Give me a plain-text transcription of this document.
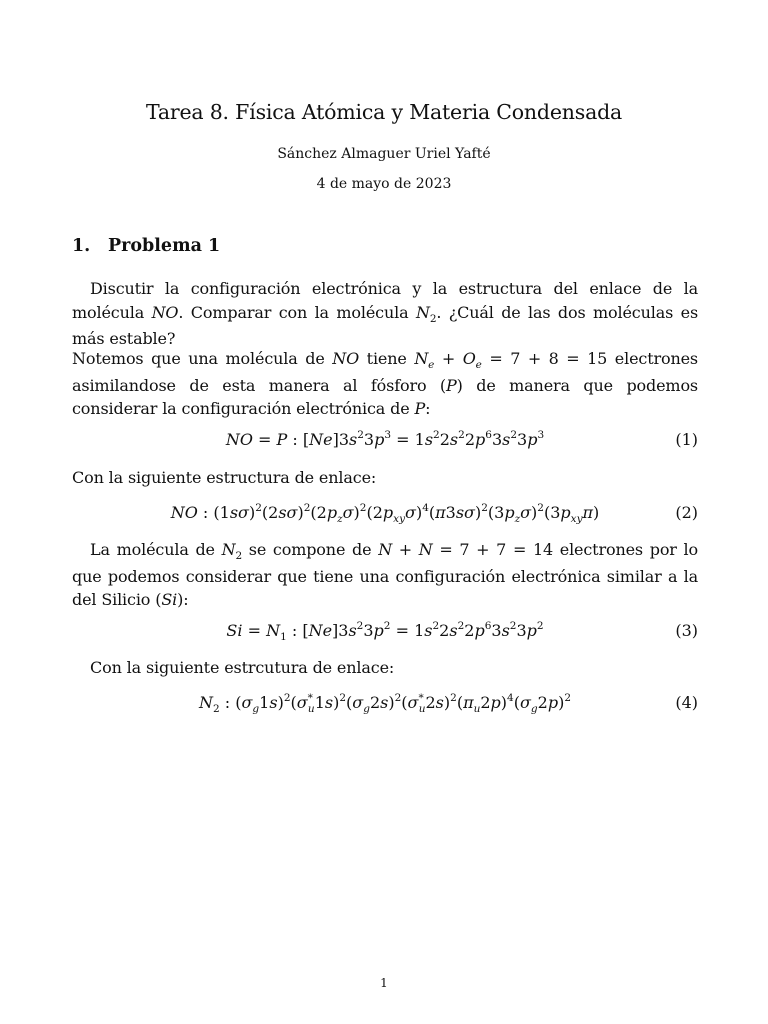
Tarea 8. Física Atómica y Materia Condensada
Sánchez Almaguer Uriel Yafté
4 de mayo de 2023
1. Problema 1
Discutir la configuración electrónica y la estructura del enlace de la molécula NO. Comparar con la molécula $N_2$. ¿Cuál de las dos moléculas es más estable?
Notemos que una molécula de NO tiene $N_e + O_e = 7 + 8 = 15$ electrones asimilandose de esta manera al fósforo (P) de manera que podemos considerar la configuración electrónica de P:
NO = P : $[Ne]3s^23p^3 = 1s^22s^22p^63s^23p^3$	(1)
Con la siguiente estructura de enlace:
NO : $(1s\sigma)^2(2s\sigma)^2(2p_z\sigma)^2(2p_{xy}\sigma)^4(\pi 3s\sigma)^2(3p_z\sigma)^2(3p_{xy}\pi)$	(2)
La molécula de $N_2$ se compone de N + N = 7 + 7 = 14 electrones por lo que podemos considerar que tiene una configuración electrónica similar a la del Silicio (Si):
$Si = N_1$ : $[Ne]3s^23p^2 = 1s^22s^22p^63s^23p^2$	(3)
Con la siguiente estrcutura de enlace:
$N_2$ : $(\sigma_g1s)^2(\sigma^*_u1s)^2(\sigma_g2s)^2(\sigma^*_u2s)^2(\pi_u2p)^4(\sigma_g2p)^2$	(4)
1
